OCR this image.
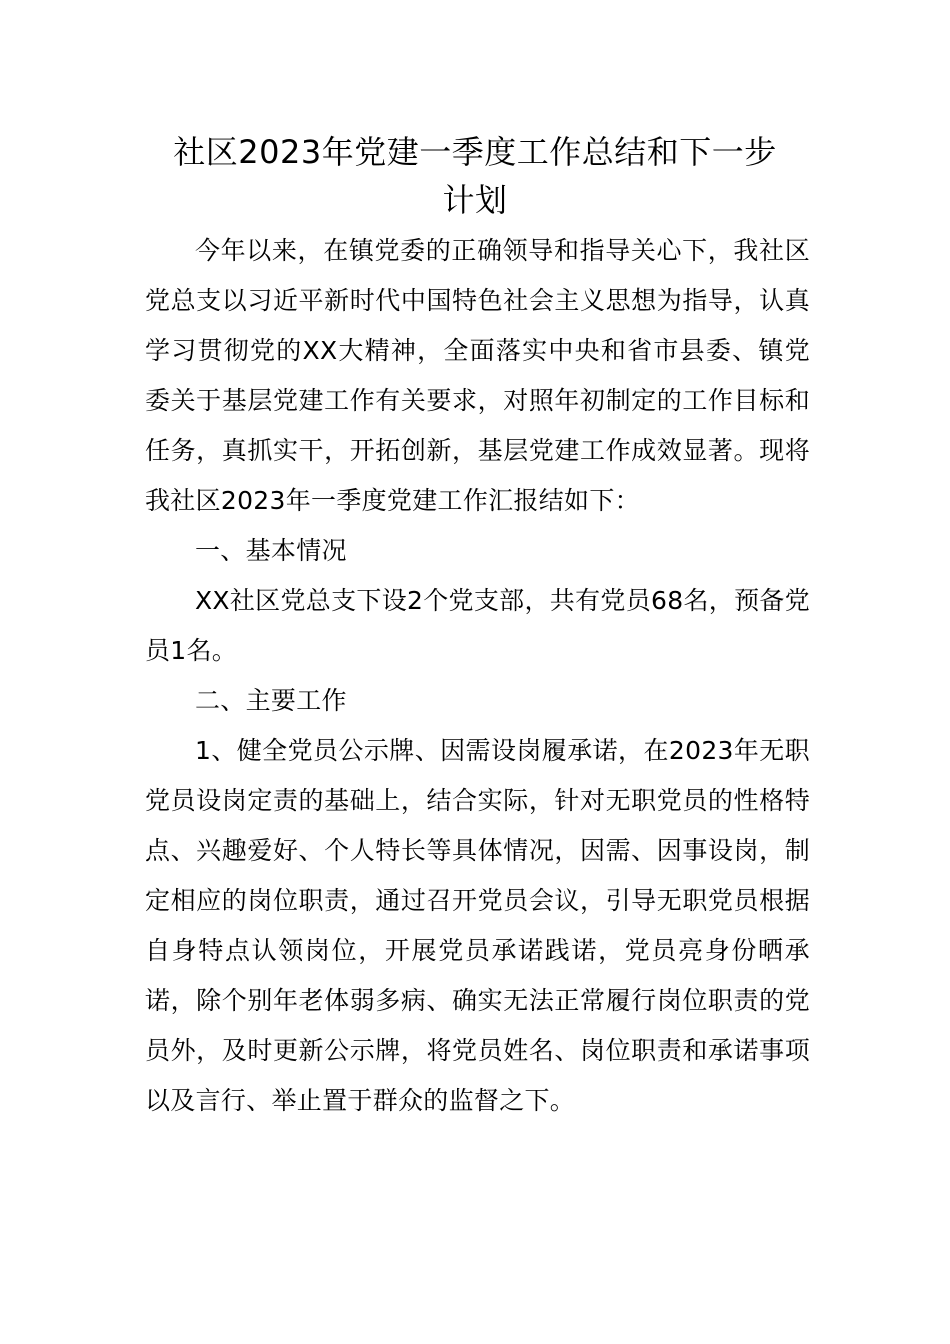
社区2023年党建一季度工作总结和下一步
计划

今年以来，在镇党委的正确领导和指导关心下，我社区党总支以习近平新时代中国特色社会主义思想为指导，认真学习贯彻党的XX大精神，全面落实中央和省市县委、镇党委关于基层党建工作有关要求，对照年初制定的工作目标和任务，真抓实干，开拓创新，基层党建工作成效显著。现将我社区2023年一季度党建工作汇报结如下：

一、基本情况

XX社区党总支下设2个党支部，共有党员68名，预备党员1名。

二、主要工作

1、健全党员公示牌、因需设岗履承诺，在2023年无职党员设岗定责的基础上，结合实际，针对无职党员的性格特点、兴趣爱好、个人特长等具体情况，因需、因事设岗，制定相应的岗位职责，通过召开党员会议，引导无职党员根据自身特点认领岗位，开展党员承诺践诺，党员亮身份晒承诺，除个别年老体弱多病、确实无法正常履行岗位职责的党员外，及时更新公示牌，将党员姓名、岗位职责和承诺事项以及言行、举止置于群众的监督之下。
